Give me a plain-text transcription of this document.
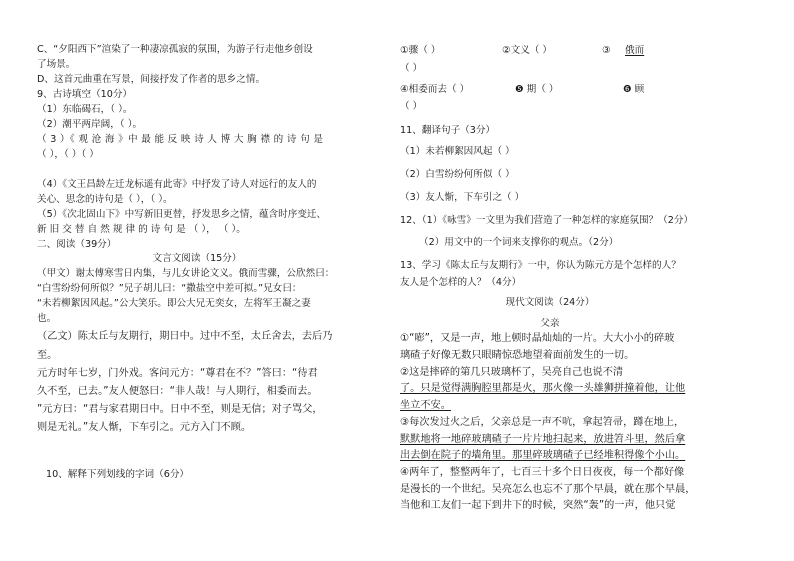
C、“夕阳西下”渲染了一种凄凉孤寂的氛围，为游子行走他乡创设
了场景。
D、这首元曲重在写景，间接抒发了作者的思乡之情。
9、古诗填空（10分）
（1）东临碣石，（ ）。
（2）潮平两岸阔，（ ）。
（ 3 ）《 观 沧 海 》中 最 能 反 映 诗 人 博 大 胸 襟 的 诗 句 是
（ ），（ ）（ ）
（4）《文王昌龄左迁龙标遥有此寄》中抒发了诗人对远行的友人的
关心、思念的诗句是（ ），（ ）。
（5）《次北固山下》中写新旧更替，抒发思乡之情，蕴含时序变迁、
新 旧 交 替 自 然 规 律 的 诗 句 是 （ ）， （ ）。
二、阅读（39分）
文言文阅读（15分）
（甲文）谢太傅寒雪日内集，与儿女讲论文义。俄而雪骤，公欣然曰：
“白雪纷纷何所似？”兄子胡儿曰：“撒盐空中差可拟。”兄女曰：
“未若柳絮因风起。”公大笑乐。即公大兄无奕女，左将军王凝之妻
也。
（乙文）陈太丘与友期行，期日中。过中不至，太丘舍去，去后乃
至。
元方时年七岁，门外戏。客问元方：“尊君在不？”答曰：“待君
久不至，已去。”友人便怒曰：“非人哉！与人期行，相委而去。
”元方曰：“君与家君期日中。日中不至，则是无信；对子骂父，
则是无礼。”友人惭，下车引之。元方入门不顾。
10、解释下列划线的字词（6分）
①骤（ ）	②文义（ ）	③ 俄而
（ ）
④相委而去（ ）	❺ 期（ ）	❻ 顾
（ ）
11、翻译句子（3分）
（1）未若柳絮因风起（ ）
（2）白雪纷纷何所似（ ）
（3）友人惭，下车引之（ ）
12、（1）《咏雪》一文里为我们营造了一种怎样的家庭氛围？（2分）
（2）用文中的一个词来支撑你的观点。（2分）
13、学习《陈太丘与友期行》一中，你认为陈元方是个怎样的人？
友人是个怎样的人？（4分）
现代文阅读（24分）
父亲
①“嘭”，又是一声，地上顿时晶灿灿的一片。大大小小的碎玻
璃碴子好像无数只眼睛惊恐地望着面前发生的一切。
②这是摔碎的第几只玻璃杯了，吴亮自己也说不清
了。只是觉得满胸腔里都是火，那火像一头雄狮拼撞着他，让他
坐立不安。
③每次发过火之后，父亲总是一声不吭，拿起笤帚，蹲在地上，
默默地将一地碎玻璃碴子一片片地扫起来，放进笤斗里，然后拿
出去倒在院子的墙角里。那里碎玻璃碴子已经堆积得像个小山。
④两年了，整整两年了，七百三十多个日日夜夜，每一个都好像
是漫长的一个世纪。吴亮怎么也忘不了那个早晨，就在那个早晨，
当他和工友们一起下到井下的时候，突然“轰”的一声，他只觉
